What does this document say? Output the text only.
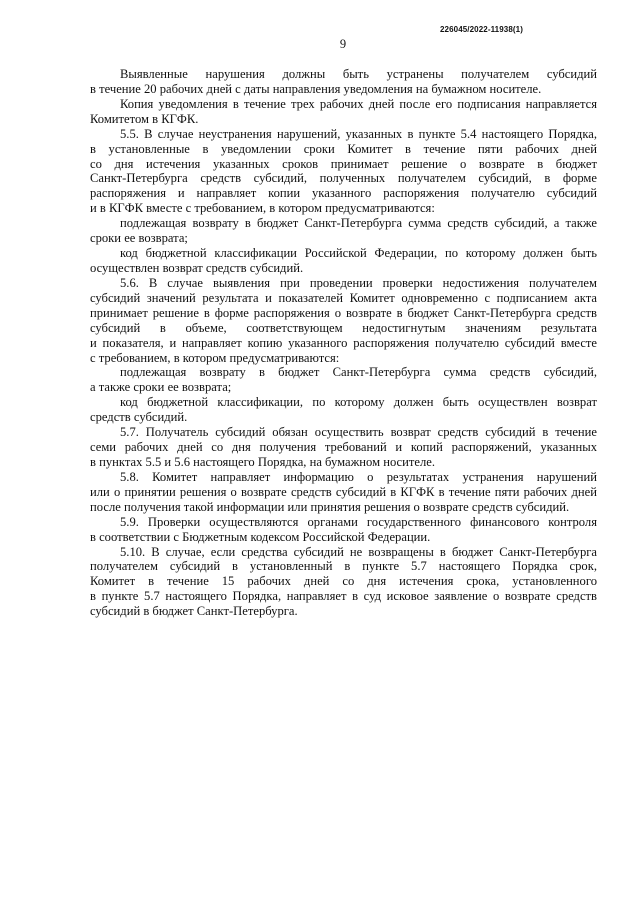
226045/2022-11938(1)
9
Выявленные нарушения должны быть устранены получателем субсидий
в течение 20 рабочих дней с даты направления уведомления на бумажном носителе.
Копия уведомления в течение трех рабочих дней после его подписания направляется
Комитетом в КГФК.
5.5. В случае неустранения нарушений, указанных в пункте 5.4 настоящего Порядка,
в установленные в уведомлении сроки Комитет в течение пяти рабочих дней
со дня истечения указанных сроков принимает решение о возврате в бюджет
Санкт-Петербурга средств субсидий, полученных получателем субсидий, в форме
распоряжения и направляет копии указанного распоряжения получателю субсидий
и в КГФК вместе с требованием, в котором предусматриваются:
подлежащая возврату в бюджет Санкт-Петербурга сумма средств субсидий, а также
сроки ее возврата;
код бюджетной классификации Российской Федерации, по которому должен быть
осуществлен возврат средств субсидий.
5.6. В случае выявления при проведении проверки недостижения получателем
субсидий значений результата и показателей Комитет одновременно с подписанием акта
принимает решение в форме распоряжения о возврате в бюджет Санкт-Петербурга средств
субсидий в объеме, соответствующем недостигнутым значениям результата
и показателя, и направляет копию указанного распоряжения получателю субсидий вместе
с требованием, в котором предусматриваются:
подлежащая возврату в бюджет Санкт-Петербурга сумма средств субсидий,
а также сроки ее возврата;
код бюджетной классификации, по которому должен быть осуществлен возврат
средств субсидий.
5.7. Получатель субсидий обязан осуществить возврат средств субсидий в течение
семи рабочих дней со дня получения требований и копий распоряжений, указанных
в пунктах 5.5 и 5.6 настоящего Порядка, на бумажном носителе.
5.8. Комитет направляет информацию о результатах устранения нарушений
или о принятии решения о возврате средств субсидий в КГФК в течение пяти рабочих дней
после получения такой информации или принятия решения о возврате средств субсидий.
5.9. Проверки осуществляются органами государственного финансового контроля
в соответствии с Бюджетным кодексом Российской Федерации.
5.10. В случае, если средства субсидий не возвращены в бюджет Санкт-Петербурга
получателем субсидий в установленный в пункте 5.7 настоящего Порядка срок,
Комитет в течение 15 рабочих дней со дня истечения срока, установленного
в пункте 5.7 настоящего Порядка, направляет в суд исковое заявление о возврате средств
субсидий в бюджет Санкт-Петербурга.
